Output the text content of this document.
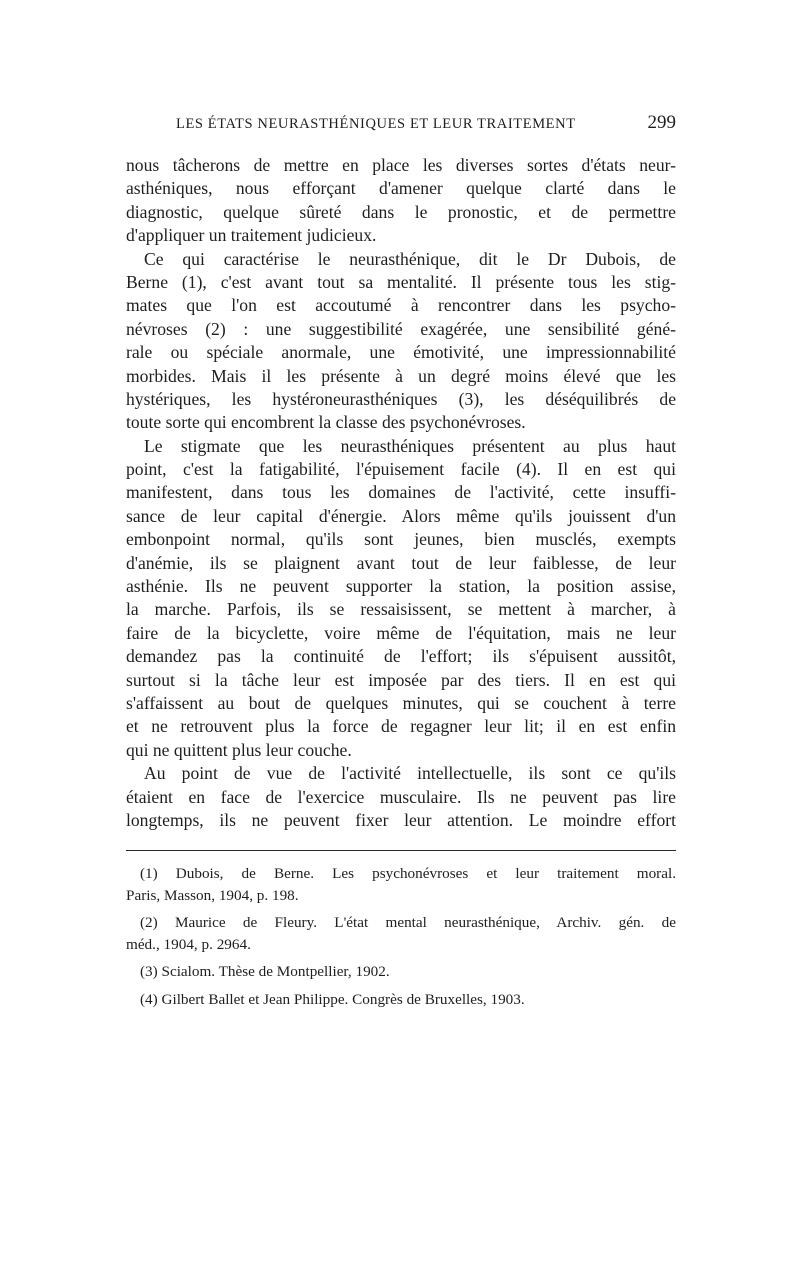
LES ÉTATS NEURASTHÉNIQUES ET LEUR TRAITEMENT	299
nous tâcherons de mettre en place les diverses sortes d'états neur-
asthéniques, nous efforçant d'amener quelque clarté dans le
diagnostic, quelque sûreté dans le pronostic, et de permettre
d'appliquer un traitement judicieux.
Ce qui caractérise le neurasthénique, dit le Dr Dubois, de
Berne (1), c'est avant tout sa mentalité. Il présente tous les stig-
mates que l'on est accoutumé à rencontrer dans les psycho-
névroses (2) : une suggestibilité exagérée, une sensibilité géné-
rale ou spéciale anormale, une émotivité, une impressionnabilité
morbides. Mais il les présente à un degré moins élevé que les
hystériques, les hystéroneurasthéniques (3), les déséquilibrés de
toute sorte qui encombrent la classe des psychonévroses.
Le stigmate que les neurasthéniques présentent au plus haut
point, c'est la fatigabilité, l'épuisement facile (4). Il en est qui
manifestent, dans tous les domaines de l'activité, cette insuffi-
sance de leur capital d'énergie. Alors même qu'ils jouissent d'un
embonpoint normal, qu'ils sont jeunes, bien musclés, exempts
d'anémie, ils se plaignent avant tout de leur faiblesse, de leur
asthénie. Ils ne peuvent supporter la station, la position assise,
la marche. Parfois, ils se ressaisissent, se mettent à marcher, à
faire de la bicyclette, voire même de l'équitation, mais ne leur
demandez pas la continuité de l'effort; ils s'épuisent aussitôt,
surtout si la tâche leur est imposée par des tiers. Il en est qui
s'affaissent au bout de quelques minutes, qui se couchent à terre
et ne retrouvent plus la force de regagner leur lit; il en est enfin
qui ne quittent plus leur couche.
Au point de vue de l'activité intellectuelle, ils sont ce qu'ils
étaient en face de l'exercice musculaire. Ils ne peuvent pas lire
longtemps, ils ne peuvent fixer leur attention. Le moindre effort
(1) Dubois, de Berne. Les psychonévroses et leur traitement moral.
Paris, Masson, 1904, p. 198.
(2) Maurice de Fleury. L'état mental neurasthénique, Archiv. gén. de
méd., 1904, p. 2964.
(3) Scialom. Thèse de Montpellier, 1902.
(4) Gilbert Ballet et Jean Philippe. Congrès de Bruxelles, 1903.
